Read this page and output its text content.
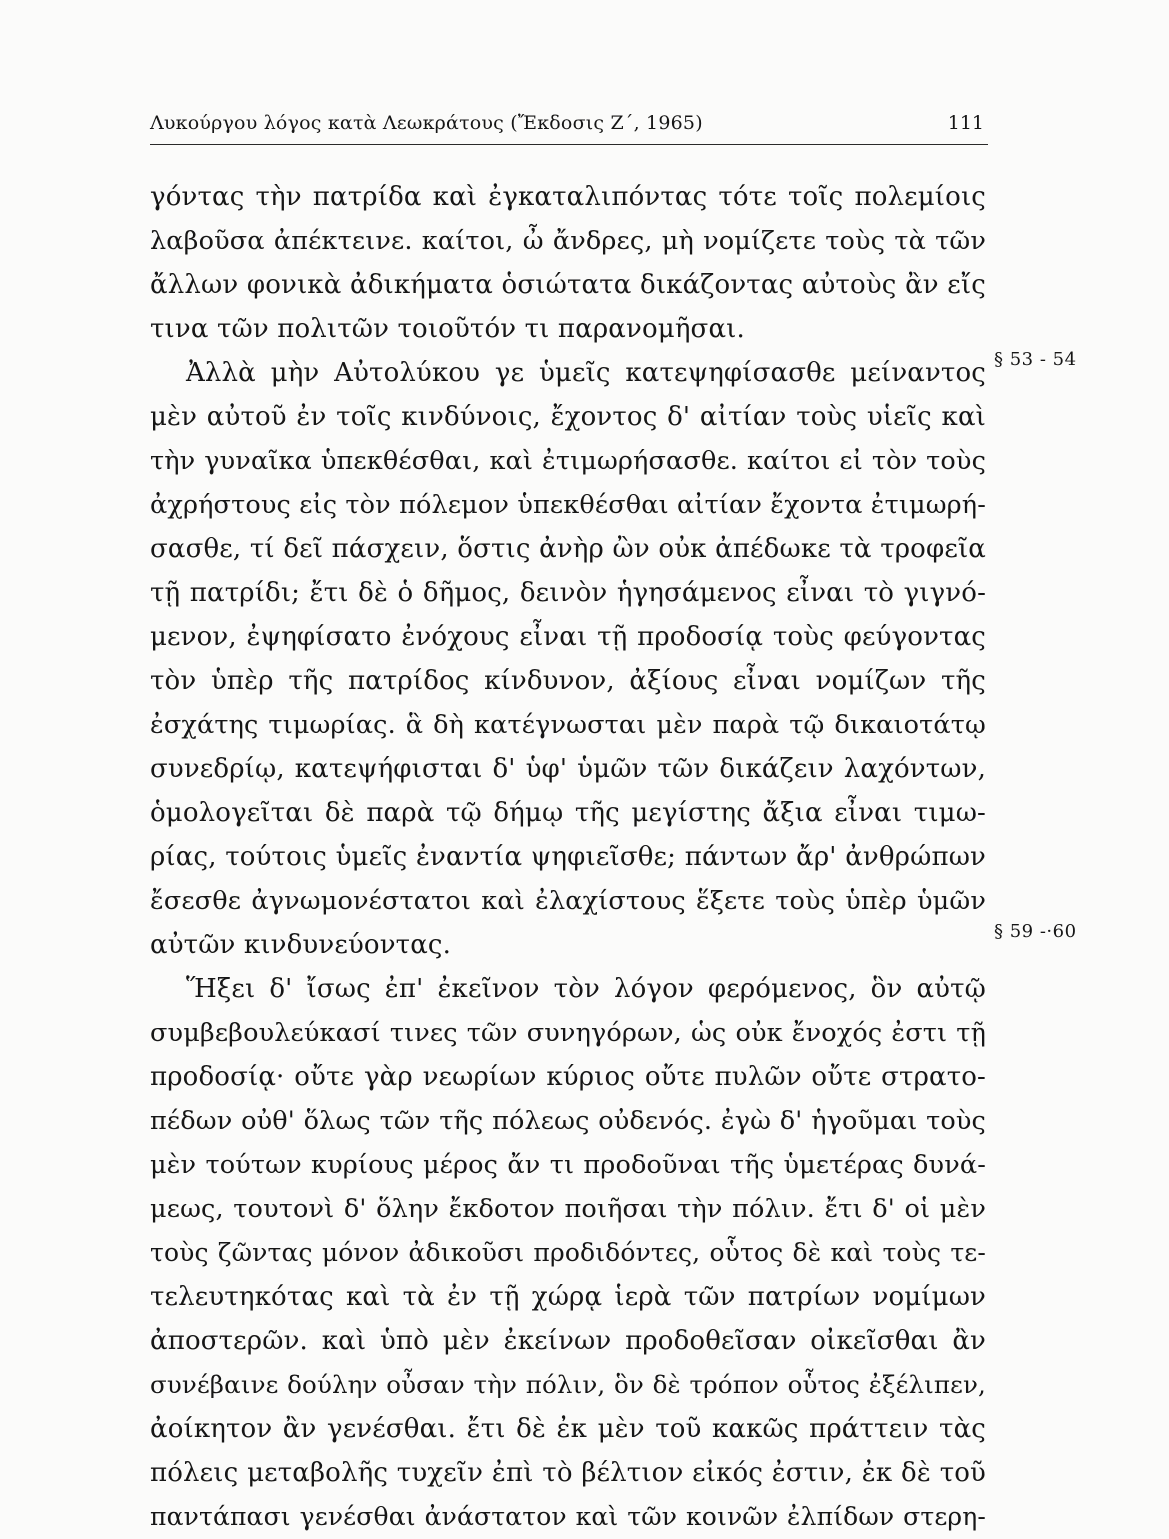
Λυκούργου λόγος κατὰ Λεωκράτους (Ἔκδοσις Ζ΄, 1965)	111
γόντας τὴν πατρίδα καὶ ἐγκαταλιπόντας τότε τοῖς πολεμίοις
λαβοῦσα ἀπέκτεινε. καίτοι, ὦ ἄνδρες, μὴ νομίζετε τοὺς τὰ τῶν
ἄλλων φονικὰ ἀδικήματα ὁσιώτατα δικάζοντας αὐτοὺς ἂν εἴς
τινα τῶν πολιτῶν τοιοῦτόν τι παρανομῆσαι.
Ἀλλὰ μὴν Αὐτολύκου γε ὑμεῖς κατεψηφίσασθε μείναντος
μὲν αὐτοῦ ἐν τοῖς κινδύνοις, ἔχοντος δ' αἰτίαν τοὺς υἱεῖς καὶ
τὴν γυναῖκα ὑπεκθέσθαι, καὶ ἐτιμωρήσασθε. καίτοι εἰ τὸν τοὺς
ἀχρήστους εἰς τὸν πόλεμον ὑπεκθέσθαι αἰτίαν ἔχοντα ἐτιμωρή-
σασθε, τί δεῖ πάσχειν, ὅστις ἀνὴρ ὢν οὐκ ἀπέδωκε τὰ τροφεῖα
τῇ πατρίδι; ἔτι δὲ ὁ δῆμος, δεινὸν ἡγησάμενος εἶναι τὸ γιγνό-
μενον, ἐψηφίσατο ἐνόχους εἶναι τῇ προδοσίᾳ τοὺς φεύγοντας
τὸν ὑπὲρ τῆς πατρίδος κίνδυνον, ἀξίους εἶναι νομίζων τῆς
ἐσχάτης τιμωρίας. ἃ δὴ κατέγνωσται μὲν παρὰ τῷ δικαιοτάτῳ
συνεδρίῳ, κατεψήφισται δ' ὑφ' ὑμῶν τῶν δικάζειν λαχόντων,
ὁμολογεῖται δὲ παρὰ τῷ δήμῳ τῆς μεγίστης ἄξια εἶναι τιμω-
ρίας, τούτοις ὑμεῖς ἐναντία ψηφιεῖσθε; πάντων ἄρ' ἀνθρώπων
ἔσεσθε ἀγνωμονέστατοι καὶ ἐλαχίστους ἕξετε τοὺς ὑπὲρ ὑμῶν
αὐτῶν κινδυνεύοντας.
Ἥξει δ' ἴσως ἐπ' ἐκεῖνον τὸν λόγον φερόμενος, ὃν αὐτῷ
συμβεβουλεύκασί τινες τῶν συνηγόρων, ὡς οὐκ ἔνοχός ἐστι τῇ
προδοσίᾳ· οὔτε γὰρ νεωρίων κύριος οὔτε πυλῶν οὔτε στρατο-
πέδων οὐθ' ὅλως τῶν τῆς πόλεως οὐδενός. ἐγὼ δ' ἡγοῦμαι τοὺς
μὲν τούτων κυρίους μέρος ἄν τι προδοῦναι τῆς ὑμετέρας δυνά-
μεως, τουτονὶ δ' ὅλην ἔκδοτον ποιῆσαι τὴν πόλιν. ἔτι δ' οἱ μὲν
τοὺς ζῶντας μόνον ἀδικοῦσι προδιδόντες, οὗτος δὲ καὶ τοὺς τε-
τελευτηκότας καὶ τὰ ἐν τῇ χώρᾳ ἱερὰ τῶν πατρίων νομίμων
ἀποστερῶν. καὶ ὑπὸ μὲν ἐκείνων προδοθεῖσαν οἰκεῖσθαι ἂν
συνέβαινε δούλην οὖσαν τὴν πόλιν, ὃν δὲ τρόπον οὗτος ἐξέλιπεν,
ἀοίκητον ἂν γενέσθαι. ἔτι δὲ ἐκ μὲν τοῦ κακῶς πράττειν τὰς
πόλεις μεταβολῆς τυχεῖν ἐπὶ τὸ βέλτιον εἰκός ἐστιν, ἐκ δὲ τοῦ
παντάπασι γενέσθαι ἀνάστατον καὶ τῶν κοινῶν ἐλπίδων στερη-
§ 53 - 54
§ 59 -·60
